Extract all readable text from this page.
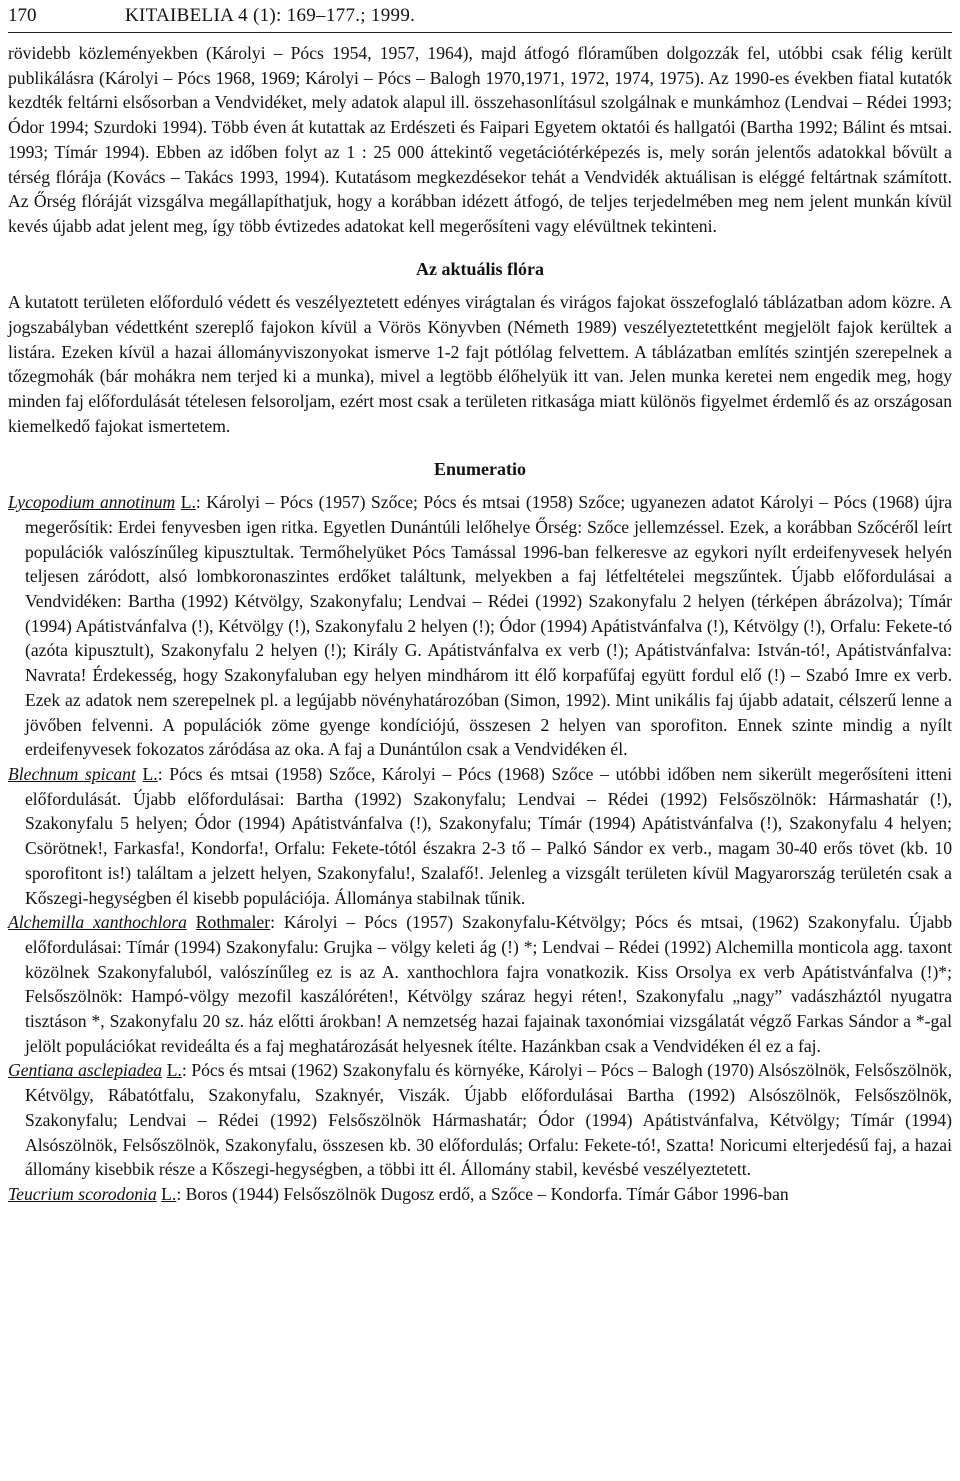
170	KITAIBELIA 4 (1): 169–177.; 1999.

rövidebb közleményekben (Károlyi – Pócs 1954, 1957, 1964), majd átfogó flóraműben dolgozzák fel, utóbbi csak félig került publikálásra (Károlyi – Pócs 1968, 1969; Károlyi – Pócs – Balogh 1970,1971, 1972, 1974, 1975). Az 1990-es években fiatal kutatók kezdték feltárni elsősorban a Vendvidéket, mely adatok alapul ill. összehasonlításul szolgálnak e munkámhoz (Lendvai – Rédei 1993; Ódor 1994; Szurdoki 1994). Több éven át kutattak az Erdészeti és Faipari Egyetem oktatói és hallgatói (Bartha 1992; Bálint és mtsai. 1993; Tímár 1994). Ebben az időben folyt az 1 : 25 000 áttekintő vegetációtérképezés is, mely során jelentős adatokkal bővült a térség flórája (Kovács – Takács 1993, 1994). Kutatásom megkezdésekor tehát a Vendvidék aktuálisan is eléggé feltártnak számított. Az Őrség flóráját vizsgálva megállapíthatjuk, hogy a korábban idézett átfogó, de teljes terjedelmében meg nem jelent munkán kívül kevés újabb adat jelent meg, így több évtizedes adatokat kell megerősíteni vagy elévültnek tekinteni.

Az aktuális flóra

A kutatott területen előforduló védett és veszélyeztetett edényes virágtalan és virágos fajokat összefoglaló táblázatban adom közre. A jogszabályban védettként szereplő fajokon kívül a Vörös Könyvben (Németh 1989) veszélyeztetettként megjelölt fajok kerültek a listára. Ezeken kívül a hazai állományviszonyokat ismerve 1-2 fajt pótlólag felvettem. A táblázatban említés szintjén szerepelnek a tőzegmohák (bár mohákra nem terjed ki a munka), mivel a legtöbb élőhelyük itt van. Jelen munka keretei nem engedik meg, hogy minden faj előfordulását tételesen felsoroljam, ezért most csak a területen ritkasága miatt különös figyelmet érdemlő és az országosan kiemelkedő fajokat ismertetem.

Enumeratio

Lycopodium annotinum L.: Károlyi – Pócs (1957) Szőce; Pócs és mtsai (1958) Szőce; ugyanezen adatot Károlyi – Pócs (1968) újra megerősítik: Erdei fenyvesben igen ritka. Egyetlen Dunántúli lelőhelye Őrség: Szőce jellemzéssel. Ezek, a korábban Szőcéről leírt populációk valószínűleg kipusztultak. Termőhelyüket Pócs Tamással 1996-ban felkeresve az egykori nyílt erdeifenyvesek helyén teljesen záródott, alsó lombkoronaszintes erdőket találtunk, melyekben a faj létfeltételei megszűntek. Újabb előfordulásai a Vendvidéken: Bartha (1992) Kétvölgy, Szakonyfalu; Lendvai – Rédei (1992) Szakonyfalu 2 helyen (térképen ábrázolva); Tímár (1994) Apátistvánfalva (!), Kétvölgy (!), Szakonyfalu 2 helyen (!); Ódor (1994) Apátistvánfalva (!), Kétvölgy (!), Orfalu: Fekete-tó (azóta kipusztult), Szakonyfalu 2 helyen (!); Király G. Apátistvánfalva ex verb (!); Apátistvánfalva: István-tó!, Apátistvánfalva: Navrata! Érdekesség, hogy Szakonyfaluban egy helyen mindhárom itt élő korpafűfaj együtt fordul elő (!) – Szabó Imre ex verb. Ezek az adatok nem szerepelnek pl. a legújabb növényhatározóban (Simon, 1992). Mint unikális faj újabb adatait, célszerű lenne a jövőben felvenni. A populációk zöme gyenge kondíciójú, összesen 2 helyen van sporofiton. Ennek szinte mindig a nyílt erdeifenyvesek fokozatos záródása az oka. A faj a Dunántúlon csak a Vendvidéken él.

Blechnum spicant L.: Pócs és mtsai (1958) Szőce, Károlyi – Pócs (1968) Szőce – utóbbi időben nem sikerült megerősíteni itteni előfordulását. Újabb előfordulásai: Bartha (1992) Szakonyfalu; Lendvai – Rédei (1992) Felsőszölnök: Hármashatár (!), Szakonyfalu 5 helyen; Ódor (1994) Apátistvánfalva (!), Szakonyfalu; Tímár (1994) Apátistvánfalva (!), Szakonyfalu 4 helyen; Csörötnek!, Farkasfa!, Kondorfa!, Orfalu: Fekete-tótól északra 2-3 tő – Palkó Sándor ex verb., magam 30-40 erős tövet (kb. 10 sporofitont is!) találtam a jelzett helyen, Szakonyfalu!, Szalafő!. Jelenleg a vizsgált területen kívül Magyarország területén csak a Kőszegi-hegységben él kisebb populációja. Állománya stabilnak tűnik.

Alchemilla xanthochlora Rothmaler: Károlyi – Pócs (1957) Szakonyfalu-Kétvölgy; Pócs és mtsai, (1962) Szakonyfalu. Újabb előfordulásai: Tímár (1994) Szakonyfalu: Grujka – völgy keleti ág (!) *; Lendvai – Rédei (1992) Alchemilla monticola agg. taxont közölnek Szakonyfaluból, valószínűleg ez is az A. xanthochlora fajra vonatkozik. Kiss Orsolya ex verb Apátistvánfalva (!)*; Felsőszölnök: Hampó-völgy mezofil kaszálóréten!, Kétvölgy száraz hegyi réten!, Szakonyfalu „nagy” vadászháztól nyugatra tisztáson *, Szakonyfalu 20 sz. ház előtti árokban! A nemzetség hazai fajainak taxonómiai vizsgálatát végző Farkas Sándor a *-gal jelölt populációkat revideálta és a faj meghatározását helyesnek ítélte. Hazánkban csak a Vendvidéken él ez a faj.

Gentiana asclepiadea L.: Pócs és mtsai (1962) Szakonyfalu és környéke, Károlyi – Pócs – Balogh (1970) Alsószölnök, Felsőszölnök, Kétvölgy, Rábatótfalu, Szakonyfalu, Szaknyér, Viszák. Újabb előfordulásai Bartha (1992) Alsószölnök, Felsőszölnök, Szakonyfalu; Lendvai – Rédei (1992) Felsőszölnök Hármashatár; Ódor (1994) Apátistvánfalva, Kétvölgy; Tímár (1994) Alsószölnök, Felsőszölnök, Szakonyfalu, összesen kb. 30 előfordulás; Orfalu: Fekete-tó!, Szatta! Noricumi elterjedésű faj, a hazai állomány kisebbik része a Kőszegi-hegységben, a többi itt él. Állomány stabil, kevésbé veszélyeztetett.

Teucrium scorodonia L.: Boros (1944) Felsőszölnök Dugosz erdő, a Szőce – Kondorfa. Tímár Gábor 1996-ban
